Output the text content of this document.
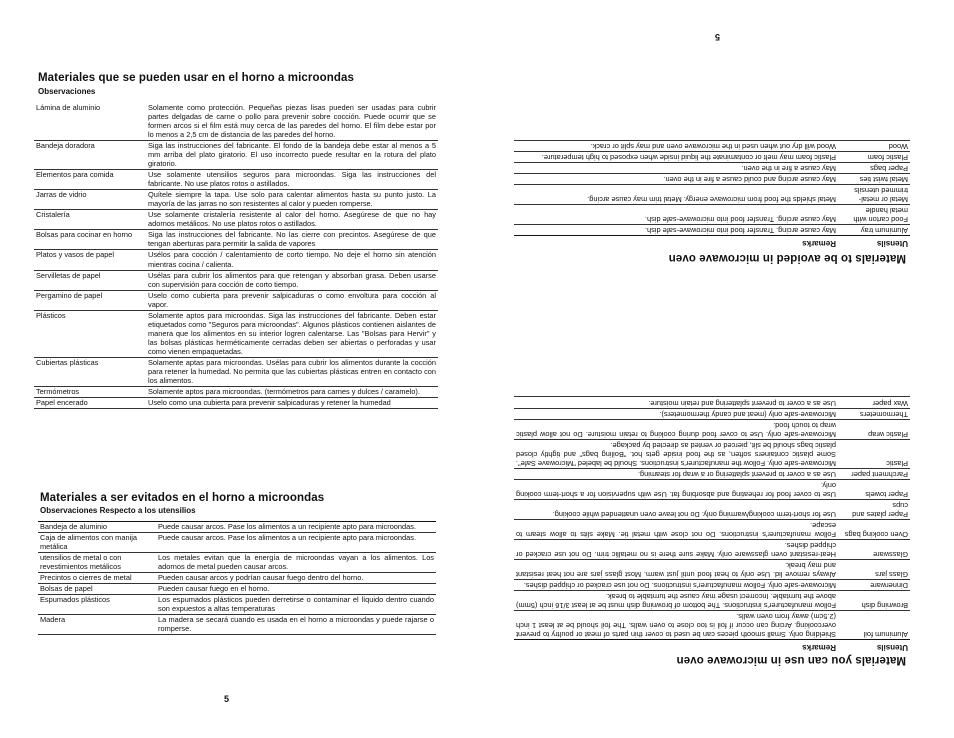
Materiales que se pueden usar en el horno a microondas
Observaciones
Lámina de aluminio	Solamente como protección. Pequeñas piezas lisas pueden ser usadas para cubrir partes delgadas de carne o pollo para prevenir sobre cocción. Puede ocurrir que se formen arcos si el film está muy cerca de las paredes del horno. El film debe estar por lo menos a 2,5 cm de distancia de las paredes del horno.
Bandeja doradora	Siga las instrucciones del fabricante. El fondo de la bandeja debe estar al menos a 5 mm arriba del plato giratorio. El uso incorrecto puede resultar en la rotura del plato giratorio.
Elementos para comida	Use solamente utensilios seguros para microondas. Siga las instrucciones del fabricante. No use platos rotos o astillados.
Jarras de vidrio	Quítele siempre la tapa. Use solo para calentar alimentos hasta su punto justo. La mayoría de las jarras no son resistentes al calor y pueden romperse.
Cristalería	Use solamente cristalería resistente al calor del horno. Asegúrese de que no hay adornos metálicos. No use platos rotos o astillados.
Bolsas para cocinar en horno	Siga las instrucciones del fabricante. No las cierre con precintos. Asegúrese de que tengan aberturas para permitir la salida de vapores
Platos y vasos de papel	Usélos para cocción / calentamiento de corto tiempo. No deje el horno sin atención mientras cocina / calienta.
Servilletas de papel	Usélas para cubrir los alimentos para que retengan y absorban grasa. Deben usarse con supervisión para cocción de corto tiempo.
Pergamino de papel	Uselo como cubierta para prevenir salpicaduras o como envoltura para cocción al vapor.
Plásticos	Solamente aptos para microondas. Siga las instrucciones del fabricante. Deben estar etiquetados como "Seguros para microondas". Algunos plásticos contienen aislantes de manera que los alimentos en su interior logren calentarse. Las "Bolsas para Hervir" y las bolsas plásticas herméticamente cerradas deben ser abiertas o perforadas y usar como vienen empaquetadas.
Cubiertas plásticas	Solamente aptas para microondas. Usélas para cubrir los alimentos durante la cocción para retener la humedad. No permita que las cubiertas plásticas entren en contacto con los alimentos.
Termómetros	Solamente aptos para microondas. (termómetros para carnes y dulces / caramelo).
Papel encerado	Uselo como una cubierta para prevenir salpicaduras y retener la humedad
Materiales a ser evitados en el horno a microondas
Observaciones Respecto a los utensilios
Bandeja de aluminio	Puede causar arcos. Pase los alimentos a un recipiente apto para microondas.
Caja de alimentos con manija metálica	Puede causar arcos. Pase los alimentos a un recipiente apto para microondas.
utensilios de metal o con revestimientos metálicos	Los metales evitan que la energía de microondas vayan a los alimentos. Los adornos de metal pueden causar arcos.
Precintos o cierres de metal	Pueden causar arcos y podrían causar fuego dentro del horno.
Bolsas de papel	Pueden causar fuego en el horno.
Espumados plásticos	Los espumados plásticos pueden derretirse o contaminar el líquido dentro cuando son expuestos a altas temperaturas
Madera	La madera se secará cuando es usada en el horno a microondas y puede rajarse o romperse.
5
5
Materials you can use in microwave oven
Utensils	Remarks
Aluminum foil	Shielding only. Small smooth pieces can be used to cover thin parts of meat or poultry to prevent overcooking. Arcing can occur if foil is too close to oven walls. The foil should be at least 1 inch (2.5cm) away from oven walls.
Browning dish	Follow manufacturer's instructions. The bottom of browning dish must be at least 3/16 inch (5mm) above the turntable. Incorrect usage may cause the turntable to break.
Dinnerware	Microwave-safe only. Follow manufacturer's instructions. Do not use cracked or chipped dishes.
Glass jars	Always remove lid. Use only to heat food until just warm. Most glass jars are not heat resistant and may break.
Glassware	Heat-resistant oven glassware only. Make sure there is no metallic trim. Do not use cracked or chipped dishes.
Oven cooking bags	Follow manufacturer's instructions. Do not close with metal tie. Make slits to allow steam to escape.
Paper plates and cups	Use for short-term cooking/warming only. Do not leave oven unattended while cooking.
Paper towels	Use to cover food for reheating and absorbing fat. Use with supervision for a short-term cooking only.
Parchment paper	Use as a cover to prevent splattering or a wrap for steaming.
Plastic	Microwave-safe only. Follow the manufacturer's instructions. Should be labeled "Microwave Safe". Some plastic containers soften, as the food inside gets hot. "Boiling bags" and tightly closed plastic bags should be slit, pierced or vented as directed by package.
Plastic wrap	Microwave-safe only. Use to cover food during cooking to retain moisture. Do not allow plastic wrap to touch food.
Thermometers	Microwave-safe only (meat and candy thermometers).
Wax paper	Use as a cover to prevent splattering and retain moisture.
Materials to be avoided in microwave oven
Utensils	Remarks
Aluminum tray	May cause arcing. Transfer food into microwave-safe dish.
Food carton with metal handle	May cause arcing. Transfer food into microwave-safe dish.
Metal or metal-trimmed utensils	Metal shields the food from microwave energy. Metal trim may cause arcing.
Metal twist ties	May cause arcing and could cause a fire in the oven.
Paper bags	May cause a fire in the oven.
Plastic foam	Plastic foam may melt or contaminate the liquid inside when exposed to high temperature.
Wood	Wood will dry out when used in the microwave oven and may split or crack.
